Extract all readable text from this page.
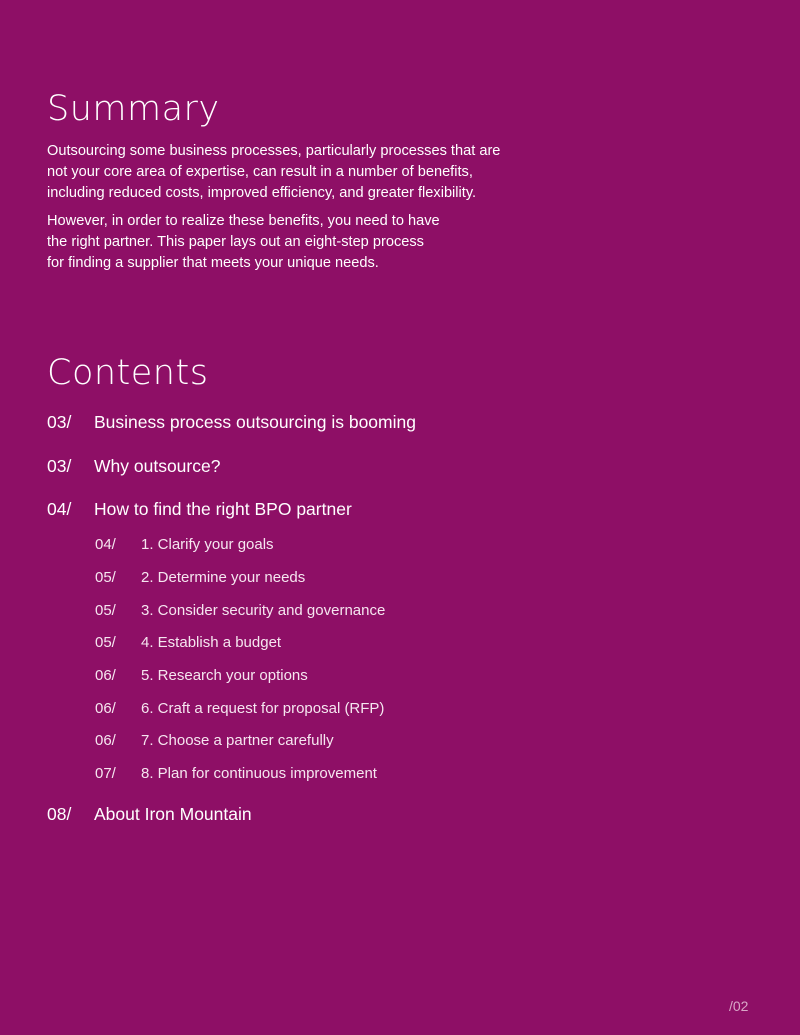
Summary
Outsourcing some business processes, particularly processes that are
not your core area of expertise, can result in a number of benefits,
including reduced costs, improved efficiency, and greater flexibility.
However, in order to realize these benefits, you need to have
the right partner. This paper lays out an eight-step process
for finding a supplier that meets your unique needs.
Contents
03/ Business process outsourcing is booming
03/ Why outsource?
04/ How to find the right BPO partner
04/ 1. Clarify your goals
05/ 2. Determine your needs
05/ 3. Consider security and governance
05/ 4. Establish a budget
06/ 5. Research your options
06/ 6. Craft a request for proposal (RFP)
06/ 7. Choose a partner carefully
07/ 8. Plan for continuous improvement
08/ About Iron Mountain
/02
